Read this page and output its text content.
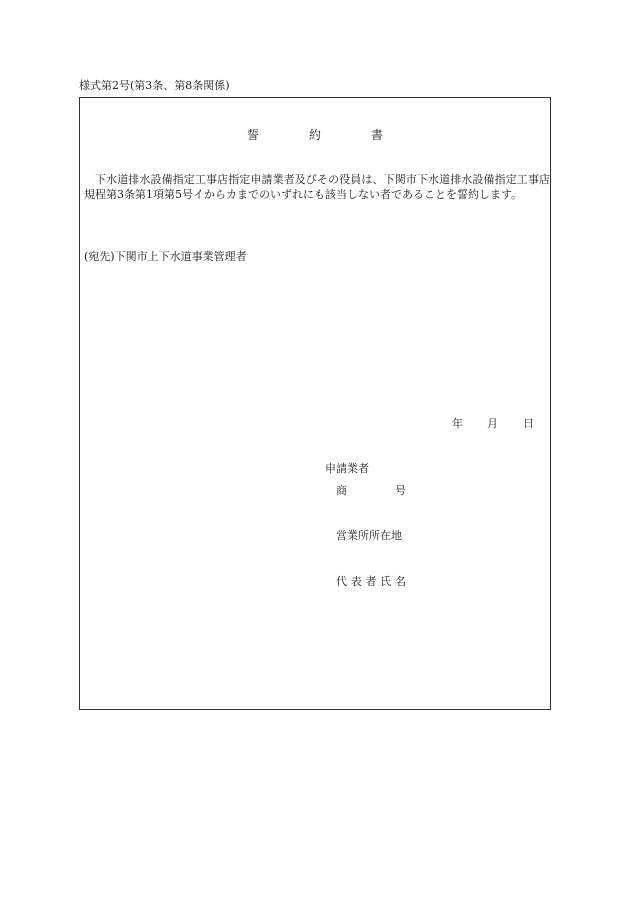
様式第2号(第3条、第8条関係)
誓約書
下水道排水設備指定工事店指定申請業者及びその役員は、下関市下水道排水設備指定工事店規程第3条第1項第5号イからカまでのいずれにも該当しない者であることを誓約します。
(宛先)下関市上下水道事業管理者
年 月 日
申請業者
商	号
営業所所在地
代 表 者 氏 名
